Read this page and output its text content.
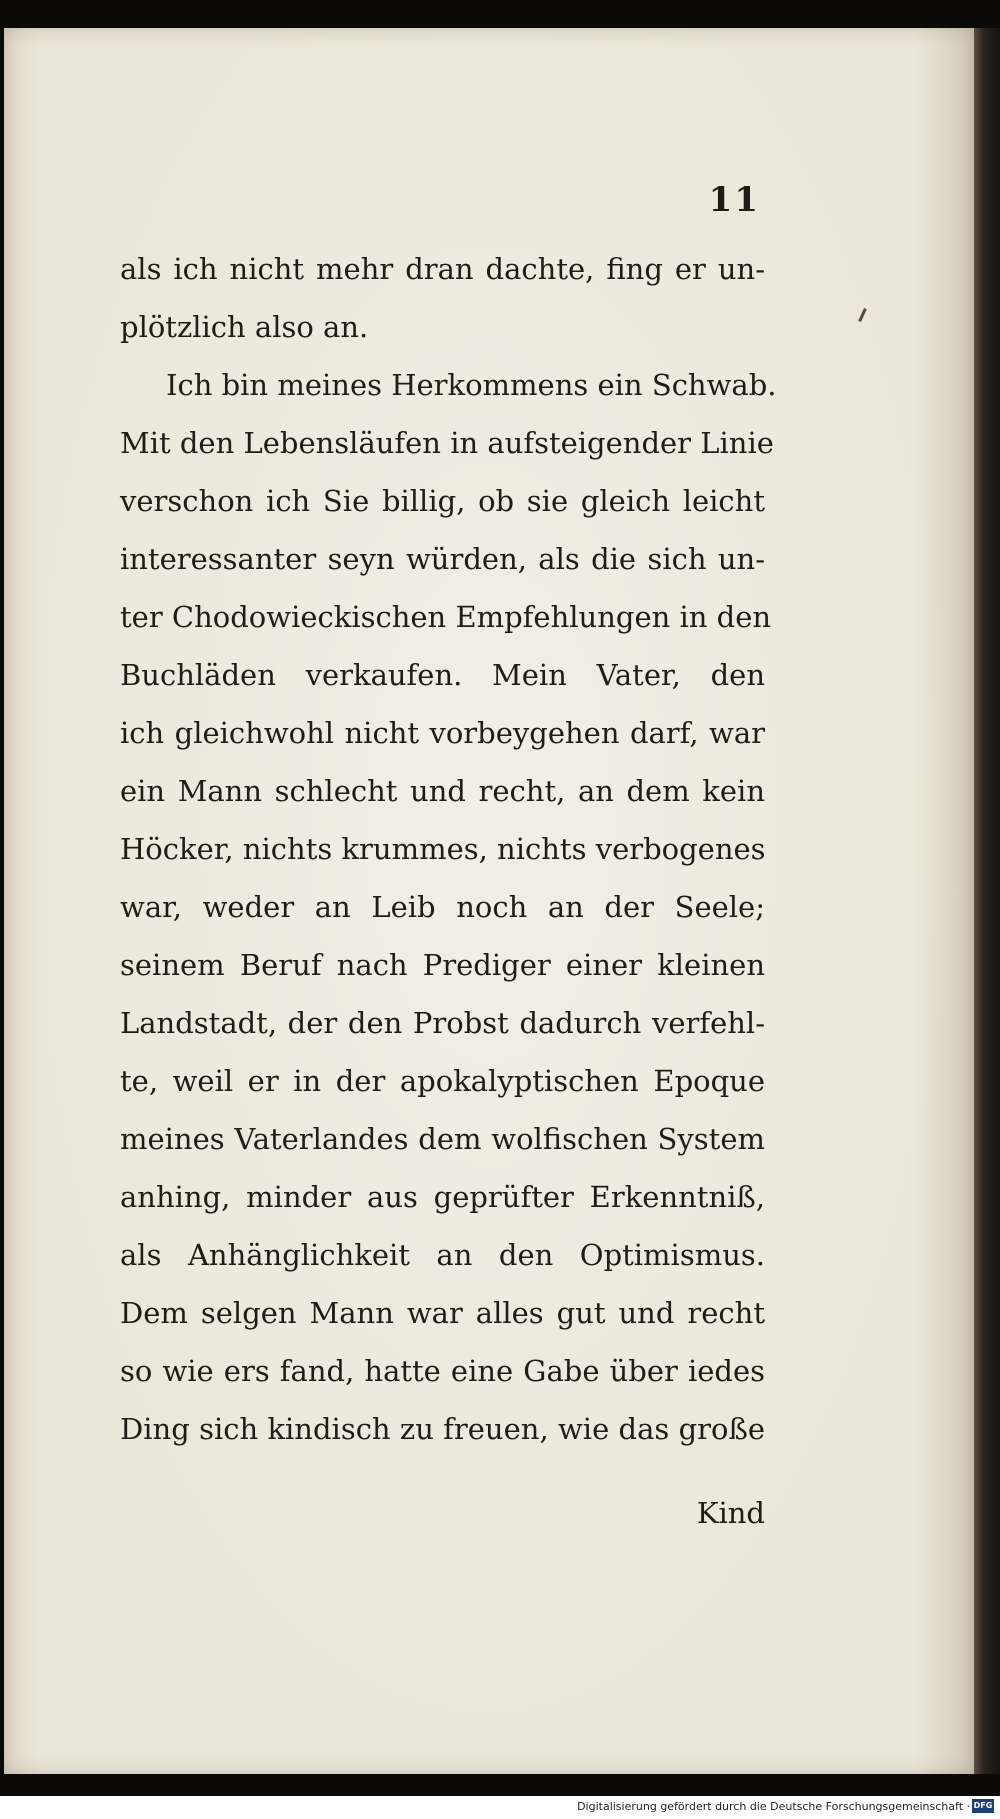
11
als ich nicht mehr dran dachte, fing er un-
plötzlich also an.
Ich bin meines Herkommens ein Schwab.
Mit den Lebensläufen in aufsteigender Linie
verschon ich Sie billig, ob sie gleich leicht
interessanter seyn würden, als die sich un-
ter Chodowieckischen Empfehlungen in den
Buchläden verkaufen. Mein Vater, den
ich gleichwohl nicht vorbeygehen darf, war
ein Mann schlecht und recht, an dem kein
Höcker, nichts krummes, nichts verbogenes
war, weder an Leib noch an der Seele;
seinem Beruf nach Prediger einer kleinen
Landstadt, der den Probst dadurch verfehl-
te, weil er in der apokalyptischen Epoque
meines Vaterlandes dem wolfischen System
anhing, minder aus geprüfter Erkenntniß,
als Anhänglichkeit an den Optimismus.
Dem selgen Mann war alles gut und recht
so wie ers fand, hatte eine Gabe über iedes
Ding sich kindisch zu freuen, wie das große
Kind
Digitalisierung gefördert durch die Deutsche Forschungsgemeinschaft · DFG
